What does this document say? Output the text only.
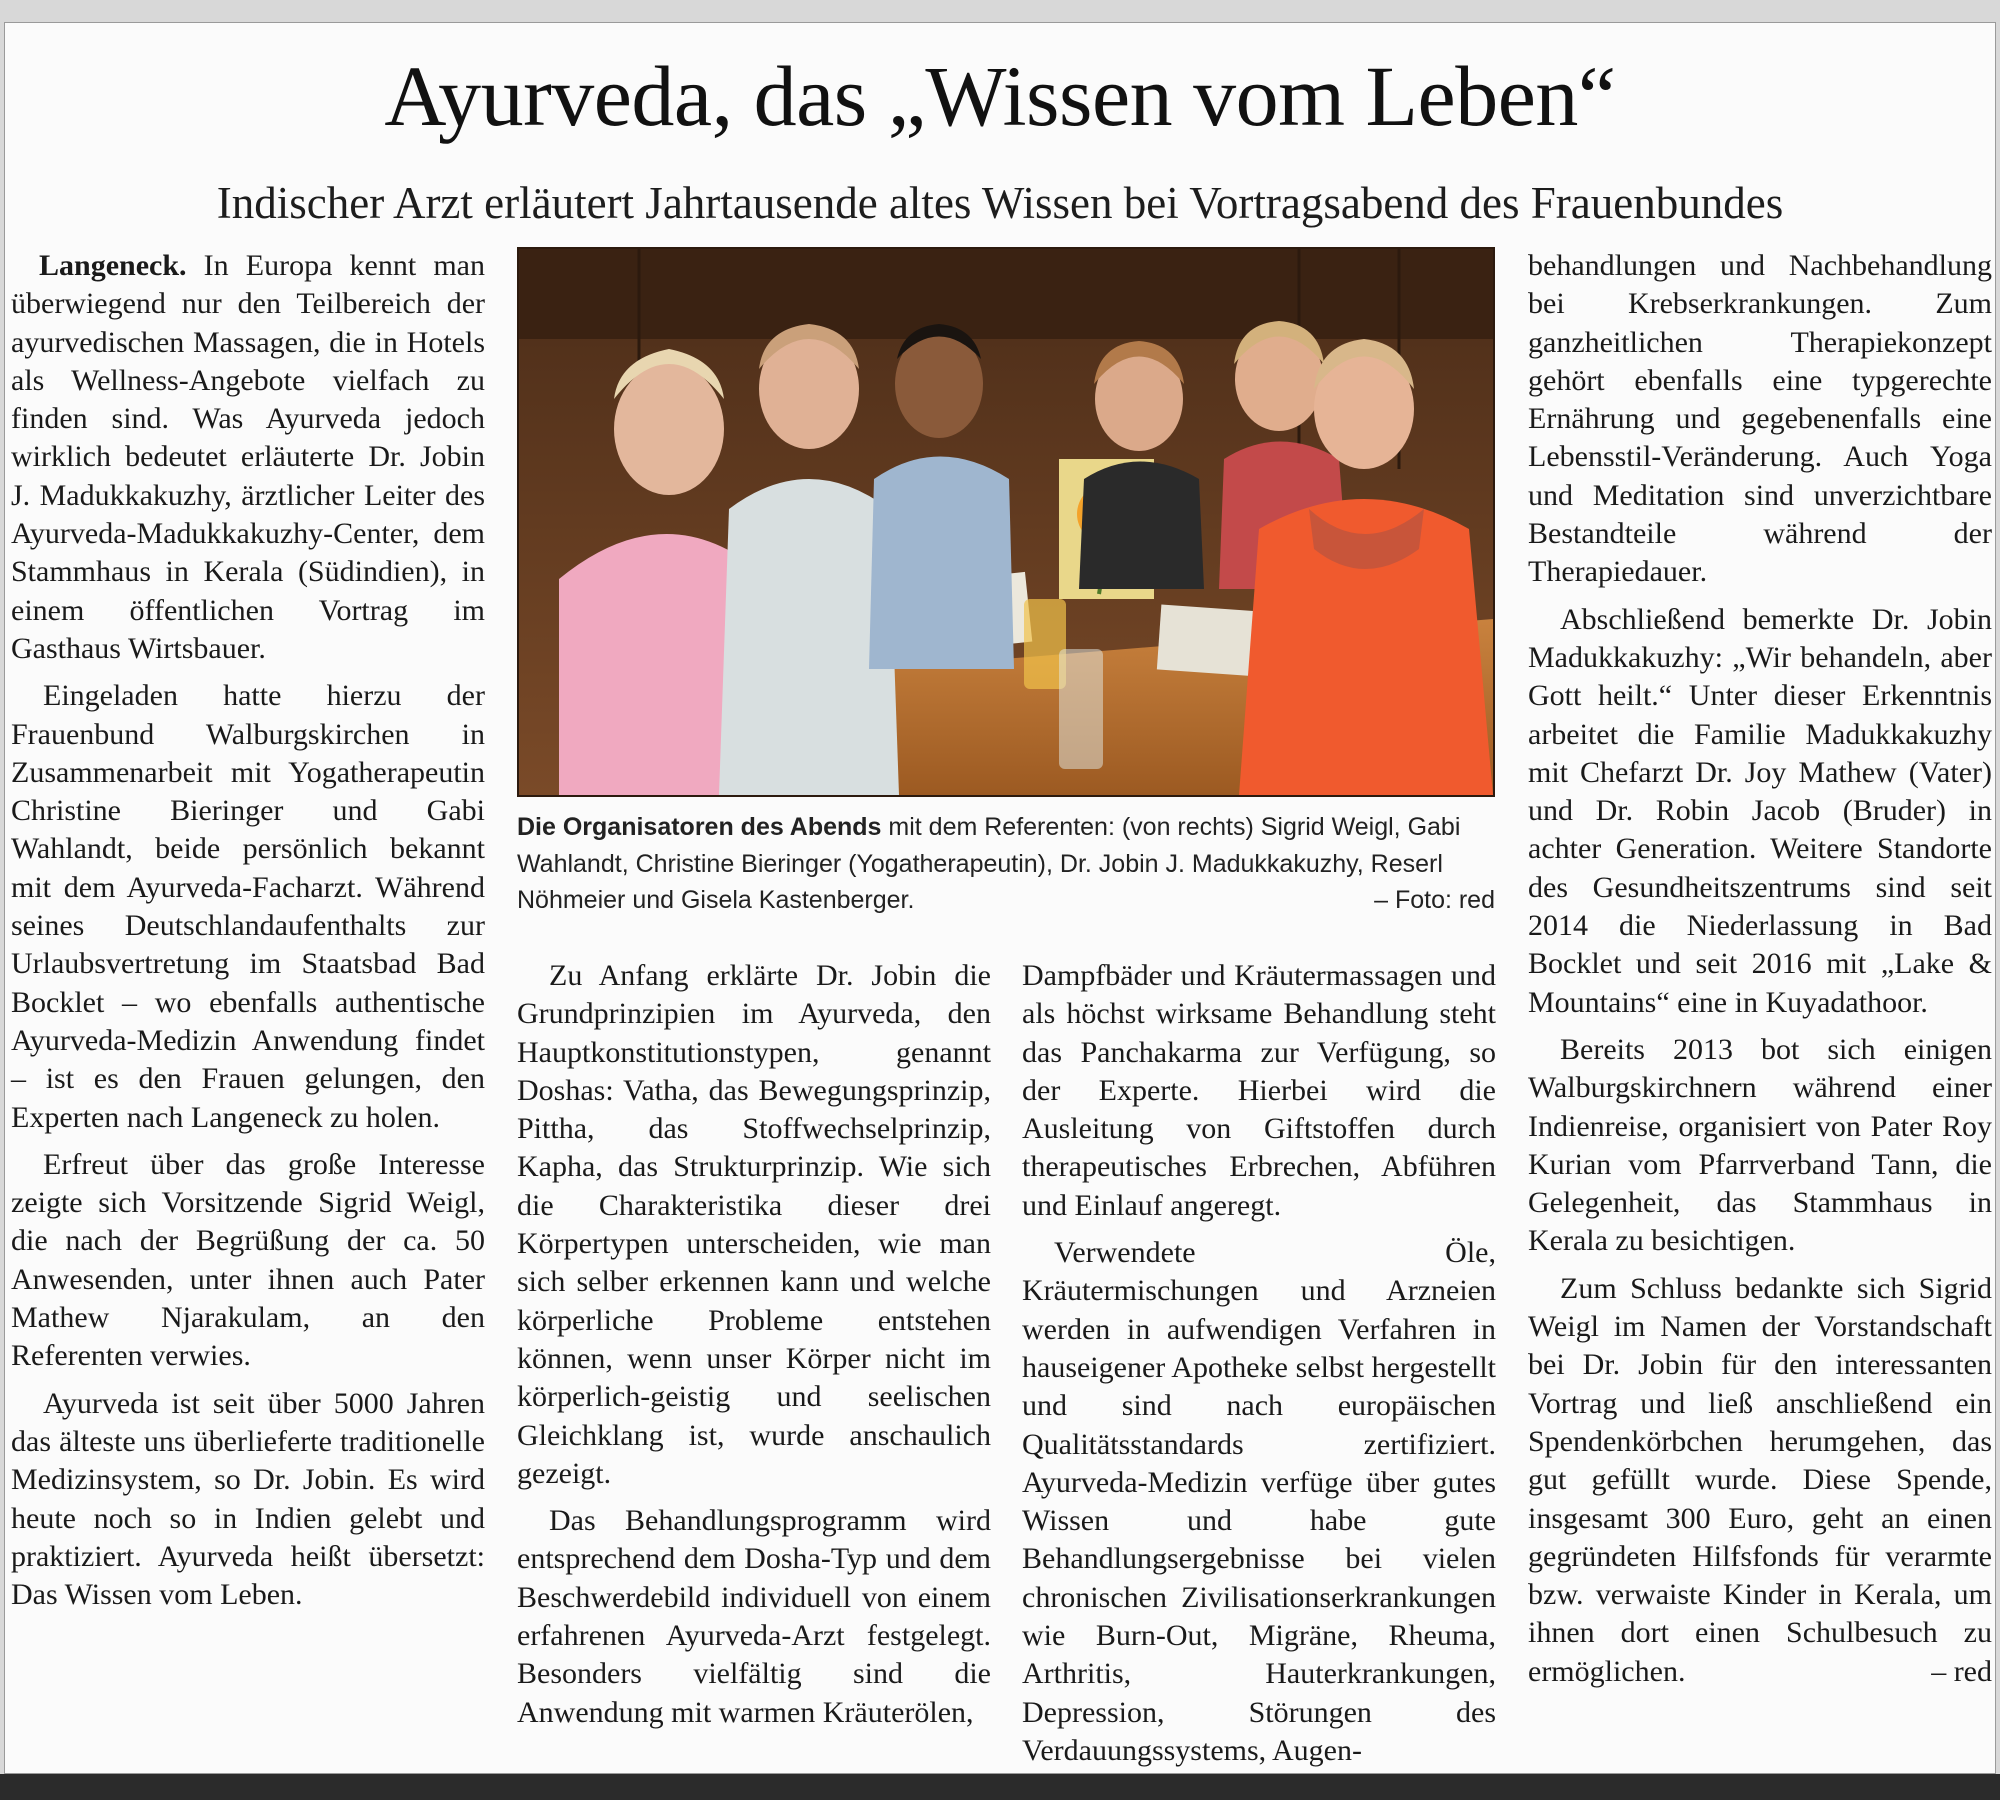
Ayurveda, das „Wissen vom Leben“
Indischer Arzt erläutert Jahrtausende altes Wissen bei Vortragsabend des Frauenbundes

Langeneck. In Europa kennt man überwiegend nur den Teilbereich der ayurvedischen Massagen, die in Hotels als Wellness-Angebote vielfach zu finden sind. Was Ayurveda jedoch wirklich bedeutet erläuterte Dr. Jobin J. Madukkakuzhy, ärztlicher Leiter des Ayurveda-Madukkakuzhy-Center, dem Stammhaus in Kerala (Südindien), in einem öffentlichen Vortrag im Gasthaus Wirtsbauer.

Eingeladen hatte hierzu der Frauenbund Walburgskirchen in Zusammenarbeit mit Yogatherapeutin Christine Bieringer und Gabi Wahlandt, beide persönlich bekannt mit dem Ayurveda-Facharzt. Während seines Deutschlandaufenthalts zur Urlaubsvertretung im Staatsbad Bad Bocklet – wo ebenfalls authentische Ayurveda-Medizin Anwendung findet – ist es den Frauen gelungen, den Experten nach Langeneck zu holen.

Erfreut über das große Interesse zeigte sich Vorsitzende Sigrid Weigl, die nach der Begrüßung der ca. 50 Anwesenden, unter ihnen auch Pater Mathew Njarakulam, an den Referenten verwies.

Ayurveda ist seit über 5000 Jahren das älteste uns überlieferte traditionelle Medizinsystem, so Dr. Jobin. Es wird heute noch so in Indien gelebt und praktiziert. Ayurveda heißt übersetzt: Das Wissen vom Leben.

Die Organisatoren des Abends mit dem Referenten: (von rechts) Sigrid Weigl, Gabi Wahlandt, Christine Bieringer (Yogatherapeutin), Dr. Jobin J. Madukkakuzhy, Reserl Nöhmeier und Gisela Kastenberger.	– Foto: red

Zu Anfang erklärte Dr. Jobin die Grundprinzipien im Ayurveda, den Hauptkonstitutionstypen, genannt Doshas: Vatha, das Bewegungsprinzip, Pittha, das Stoffwechselprinzip, Kapha, das Strukturprinzip. Wie sich die Charakteristika dieser drei Körpertypen unterscheiden, wie man sich selber erkennen kann und welche körperliche Probleme entstehen können, wenn unser Körper nicht im körperlich-geistig und seelischen Gleichklang ist, wurde anschaulich gezeigt.

Das Behandlungsprogramm wird entsprechend dem Dosha-Typ und dem Beschwerdebild individuell von einem erfahrenen Ayurveda-Arzt festgelegt. Besonders vielfältig sind die Anwendung mit warmen Kräuterölen,

Dampfbäder und Kräutermassagen und als höchst wirksame Behandlung steht das Panchakarma zur Verfügung, so der Experte. Hierbei wird die Ausleitung von Giftstoffen durch therapeutisches Erbrechen, Abführen und Einlauf angeregt.

Verwendete Öle, Kräutermischungen und Arzneien werden in aufwendigen Verfahren in hauseigener Apotheke selbst hergestellt und sind nach europäischen Qualitätsstandards zertifiziert. Ayurveda-Medizin verfüge über gutes Wissen und habe gute Behandlungsergebnisse bei vielen chronischen Zivilisationserkrankungen wie Burn-Out, Migräne, Rheuma, Arthritis, Hauterkrankungen, Depression, Störungen des Verdauungssystems, Augen-

behandlungen und Nachbehandlung bei Krebserkrankungen. Zum ganzheitlichen Therapiekonzept gehört ebenfalls eine typgerechte Ernährung und gegebenenfalls eine Lebensstil-Veränderung. Auch Yoga und Meditation sind unverzichtbare Bestandteile während der Therapiedauer.

Abschließend bemerkte Dr. Jobin Madukkakuzhy: „Wir behandeln, aber Gott heilt.“ Unter dieser Erkenntnis arbeitet die Familie Madukkakuzhy mit Chefarzt Dr. Joy Mathew (Vater) und Dr. Robin Jacob (Bruder) in achter Generation. Weitere Standorte des Gesundheitszentrums sind seit 2014 die Niederlassung in Bad Bocklet und seit 2016 mit „Lake & Mountains“ eine in Kuyadathoor.

Bereits 2013 bot sich einigen Walburgskirchnern während einer Indienreise, organisiert von Pater Roy Kurian vom Pfarrverband Tann, die Gelegenheit, das Stammhaus in Kerala zu besichtigen.

Zum Schluss bedankte sich Sigrid Weigl im Namen der Vorstandschaft bei Dr. Jobin für den interessanten Vortrag und ließ anschließend ein Spendenkörbchen herumgehen, das gut gefüllt wurde. Diese Spende, insgesamt 300 Euro, geht an einen gegründeten Hilfsfonds für verarmte bzw. verwaiste Kinder in Kerala, um ihnen dort einen Schulbesuch zu ermöglichen.	– red
